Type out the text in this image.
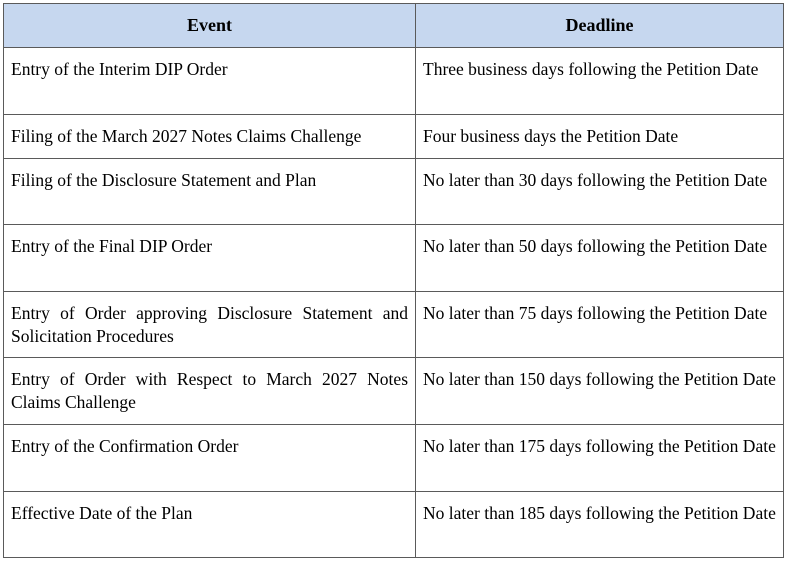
Event	Deadline

Entry of the Interim DIP Order	Three business days following the Petition Date

Filing of the March 2027 Notes Claims Challenge	Four business days the Petition Date

Filing of the Disclosure Statement and Plan	No later than 30 days following the Petition Date

Entry of the Final DIP Order	No later than 50 days following the Petition Date

Entry of Order approving Disclosure Statement and Solicitation Procedures	No later than 75 days following the Petition Date

Entry of Order with Respect to March 2027 Notes Claims Challenge	No later than 150 days following the Petition Date

Entry of the Confirmation Order	No later than 175 days following the Petition Date

Effective Date of the Plan	No later than 185 days following the Petition Date
